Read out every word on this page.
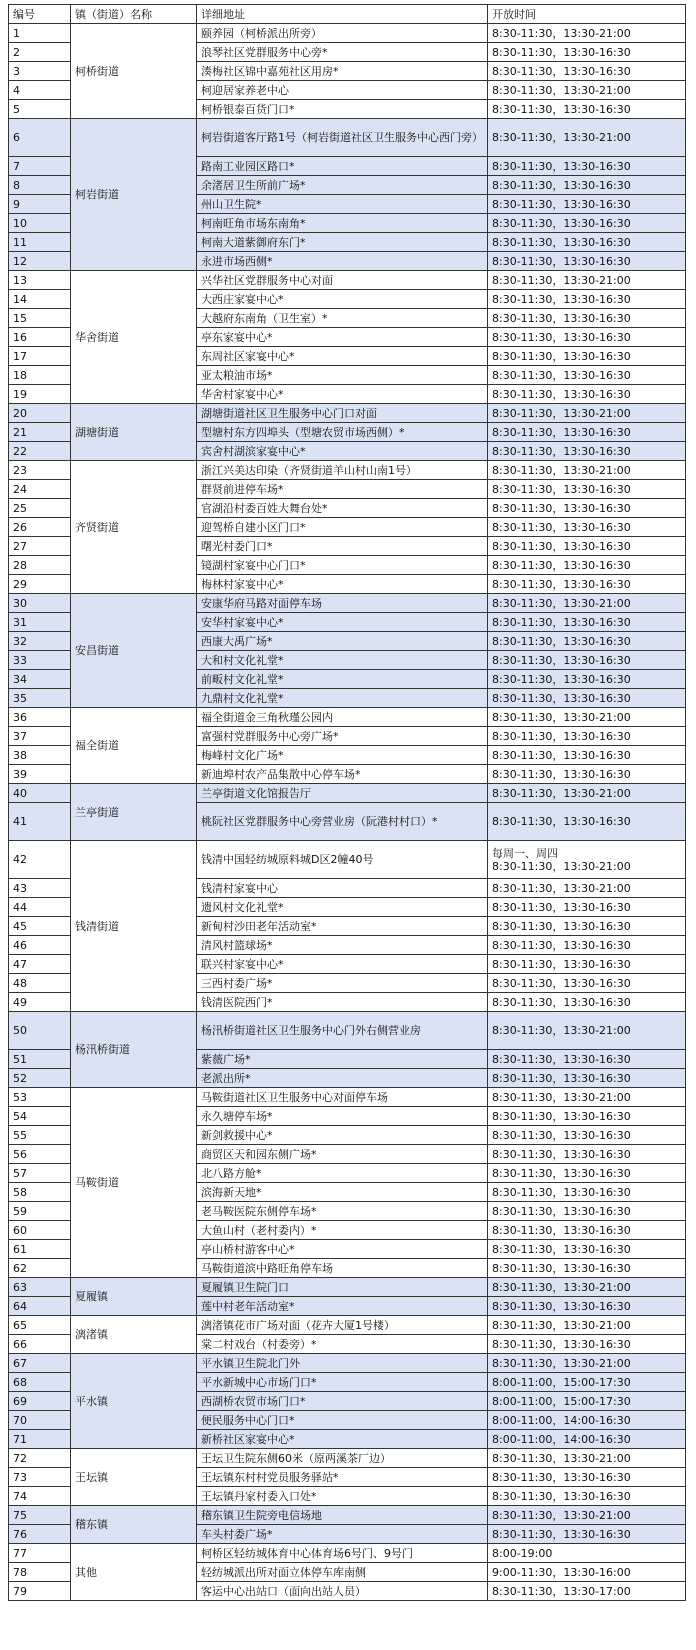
编号	镇（街道）名称	详细地址	开放时间
1	柯桥街道	颐养园（柯桥派出所旁）	8:30-11:30，13:30-21:00
2		浪琴社区党群服务中心旁*	8:30-11:30，13:30-16:30
3		湊梅社区锦中嘉苑社区用房*	8:30-11:30，13:30-16:30
4		柯迎居家养老中心	8:30-11:30，13:30-21:00
5		柯桥银泰百货门口*	8:30-11:30，13:30-16:30
6	柯岩街道	柯岩街道客厅路1号（柯岩街道社区卫生服务中心西门旁）	8:30-11:30，13:30-21:00
7		路南工业园区路口*	8:30-11:30，13:30-16:30
8		余渚居卫生所前广场*	8:30-11:30，13:30-16:30
9		州山卫生院*	8:30-11:30，13:30-16:30
10		柯南旺角市场东南角*	8:30-11:30，13:30-16:30
11		柯南大道紫御府东门*	8:30-11:30，13:30-16:30
12		永进市场西侧*	8:30-11:30，13:30-16:30
13	华舍街道	兴华社区党群服务中心对面	8:30-11:30，13:30-21:00
14		大西庄家宴中心*	8:30-11:30，13:30-16:30
15		大越府东南角（卫生室）*	8:30-11:30，13:30-16:30
16		亭东家宴中心*	8:30-11:30，13:30-16:30
17		东周社区家宴中心*	8:30-11:30，13:30-16:30
18		亚太粮油市场*	8:30-11:30，13:30-16:30
19		华舍村家宴中心*	8:30-11:30，13:30-16:30
20	湖塘街道	湖塘街道社区卫生服务中心门口对面	8:30-11:30，13:30-21:00
21		型塘村东方四埠头（型塘农贸市场西侧）*	8:30-11:30，13:30-16:30
22		宾舍村湖滨家宴中心*	8:30-11:30，13:30-16:30
23	齐贤街道	浙江兴美达印染（齐贤街道羊山村山南1号）	8:30-11:30，13:30-21:00
24		群贤前进停车场*	8:30-11:30，13:30-16:30
25		官湖沿村委百姓大舞台处*	8:30-11:30，13:30-16:30
26		迎驾桥自建小区门口*	8:30-11:30，13:30-16:30
27		曙光村委门口*	8:30-11:30，13:30-16:30
28		镜湖村家宴中心门口*	8:30-11:30，13:30-16:30
29		梅林村家宴中心*	8:30-11:30，13:30-16:30
30	安昌街道	安康华府马路对面停车场	8:30-11:30，13:30-21:00
31		安华村家宴中心*	8:30-11:30，13:30-16:30
32		西康大禹广场*	8:30-11:30，13:30-16:30
33		大和村文化礼堂*	8:30-11:30，13:30-16:30
34		前畈村文化礼堂*	8:30-11:30，13:30-16:30
35		九鼎村文化礼堂*	8:30-11:30，13:30-16:30
36	福全街道	福全街道金三角秋瑾公园内	8:30-11:30，13:30-21:00
37		富强村党群服务中心旁广场*	8:30-11:30，13:30-16:30
38		梅峰村文化广场*	8:30-11:30，13:30-16:30
39		新迪埠村农产品集散中心停车场*	8:30-11:30，13:30-16:30
40	兰亭街道	兰亭街道文化馆报告厅	8:30-11:30，13:30-21:00
41		桃阮社区党群服务中心旁营业房（阮港村村口）*	8:30-11:30，13:30-16:30
42	钱清街道	钱清中国轻纺城原料城D区2幢40号	每周一、周四
8:30-11:30，13:30-21:00
43		钱清村家宴中心	8:30-11:30，13:30-21:00
44		遗风村文化礼堂*	8:30-11:30，13:30-16:30
45		新甸村沙田老年活动室*	8:30-11:30，13:30-16:30
46		清风村篮球场*	8:30-11:30，13:30-16:30
47		联兴村家宴中心*	8:30-11:30，13:30-16:30
48		三西村委广场*	8:30-11:30，13:30-16:30
49		钱清医院西门*	8:30-11:30，13:30-16:30
50	杨汛桥街道	杨汛桥街道社区卫生服务中心门外右侧营业房	8:30-11:30，13:30-21:00
51		紫薇广场*	8:30-11:30，13:30-16:30
52		老派出所*	8:30-11:30，13:30-16:30
53	马鞍街道	马鞍街道社区卫生服务中心对面停车场	8:30-11:30，13:30-21:00
54		永久塘停车场*	8:30-11:30，13:30-16:30
55		新剑救援中心*	8:30-11:30，13:30-16:30
56		商贸区天和园东侧广场*	8:30-11:30，13:30-16:30
57		北八路方舱*	8:30-11:30，13:30-16:30
58		滨海新天地*	8:30-11:30，13:30-16:30
59		老马鞍医院东侧停车场*	8:30-11:30，13:30-16:30
60		大鱼山村（老村委内）*	8:30-11:30，13:30-16:30
61		亭山桥村游客中心*	8:30-11:30，13:30-16:30
62		马鞍街道滨中路旺角停车场	8:30-11:30，13:30-16:30
63	夏履镇	夏履镇卫生院门口	8:30-11:30，13:30-21:00
64		莲中村老年活动室*	8:30-11:30，13:30-16:30
65	漓渚镇	漓渚镇花市广场对面（花卉大厦1号楼）	8:30-11:30，13:30-21:00
66		棠二村戏台（村委旁）*	8:30-11:30，13:30-16:30
67	平水镇	平水镇卫生院北门外	8:30-11:30，13:30-21:00
68		平水新城中心市场门口*	8:00-11:00，15:00-17:30
69		西湖桥农贸市场门口*	8:00-11:00，15:00-17:30
70		便民服务中心门口*	8:00-11:00，14:00-16:30
71		新桥社区家宴中心*	8:00-11:00，14:00-16:30
72	王坛镇	王坛卫生院东侧60米（原两溪茶厂边）	8:30-11:30，13:30-21:00
73		王坛镇东村村党员服务驿站*	8:30-11:30，13:30-16:30
74		王坛镇丹家村委入口处*	8:30-11:30，13:30-16:30
75	稽东镇	稽东镇卫生院旁电信场地	8:30-11:30，13:30-21:00
76		车头村委广场*	8:30-11:30，13:30-16:30
77	其他	柯桥区轻纺城体育中心体育场6号门、9号门	8:00-19:00
78		轻纺城派出所对面立体停车库南侧	9:00-11:30，13:30-16:00
79		客运中心出站口（面向出站人员）	8:30-11:30，13:30-17:00
